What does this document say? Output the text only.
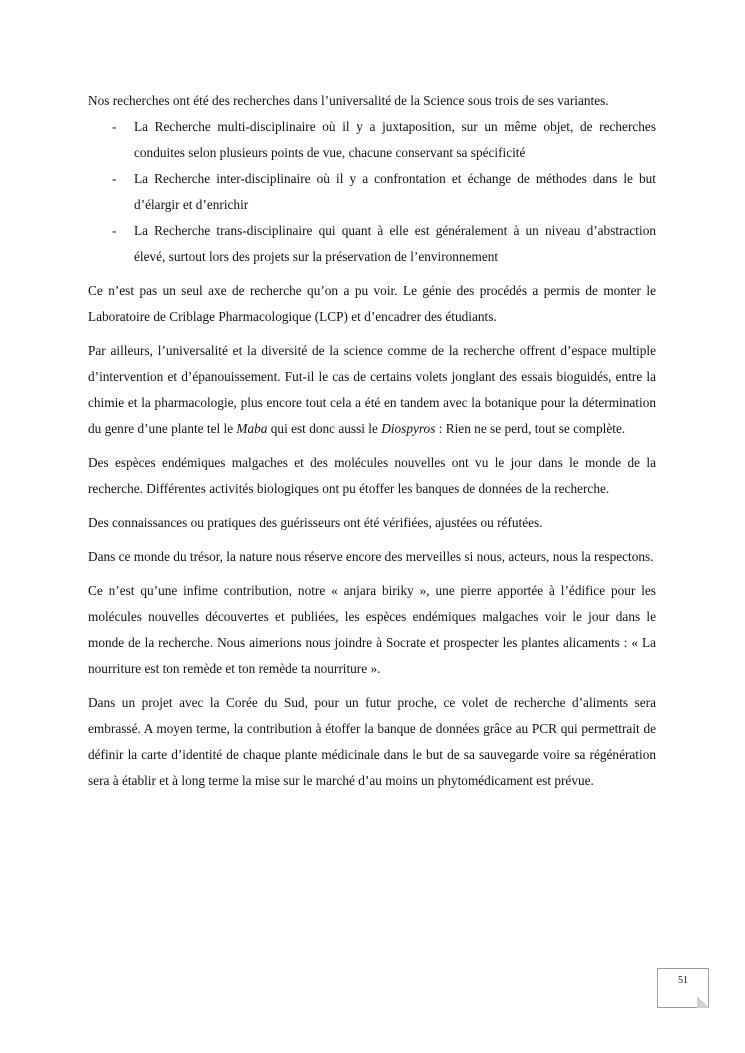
Nos recherches ont été des recherches dans l’universalité de la Science sous trois de ses variantes.

- La Recherche multi-disciplinaire où il y a juxtaposition, sur un même objet, de recherches conduites selon plusieurs points de vue, chacune conservant sa spécificité
- La Recherche inter-disciplinaire où il y a confrontation et échange de méthodes dans le but d’élargir et d’enrichir
- La Recherche trans-disciplinaire qui quant à elle est généralement à un niveau d’abstraction élevé, surtout lors des projets sur la préservation de l’environnement

Ce n’est pas un seul axe de recherche qu’on a pu voir. Le génie des procédés a permis de monter le Laboratoire de Criblage Pharmacologique (LCP) et d’encadrer des étudiants.

Par ailleurs, l’universalité et la diversité de la science comme de la recherche offrent d’espace multiple d’intervention et d’épanouissement. Fut-il le cas de certains volets jonglant des essais bioguidés, entre la chimie et la pharmacologie, plus encore tout cela a été en tandem avec la botanique pour la détermination du genre d’une plante tel le Maba qui est donc aussi le Diospyros : Rien ne se perd, tout se complète.

Des espèces endémiques malgaches et des molécules nouvelles ont vu le jour dans le monde de la recherche. Différentes activités biologiques ont pu étoffer les banques de données de la recherche.

Des connaissances ou pratiques des guérisseurs ont été vérifiées, ajustées ou réfutées.

Dans ce monde du trésor, la nature nous réserve encore des merveilles si nous, acteurs, nous la respectons.

Ce n’est qu’une infime contribution, notre « anjara biriky », une pierre apportée à l’édifice pour les molécules nouvelles découvertes et publiées, les espèces endémiques malgaches voir le jour dans le monde de la recherche. Nous aimerions nous joindre à Socrate et prospecter les plantes alicaments : « La nourriture est ton remède et ton remède ta nourriture ».

Dans un projet avec la Corée du Sud, pour un futur proche, ce volet de recherche d’aliments sera embrassé. A moyen terme, la contribution à étoffer la banque de données grâce au PCR qui permettrait de définir la carte d’identité de chaque plante médicinale dans le but de sa sauvegarde voire sa régénération sera à établir et à long terme la mise sur le marché d’au moins un phytomédicament est prévue.

51
